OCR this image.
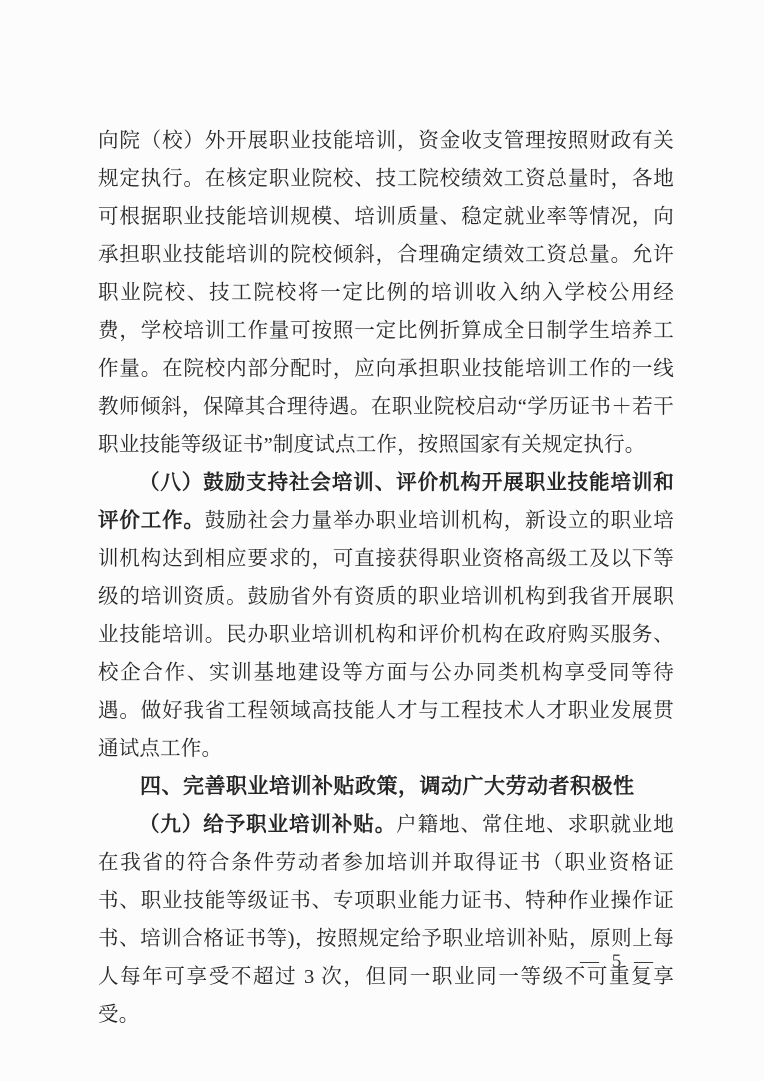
向院（校）外开展职业技能培训，资金收支管理按照财政有关规定执行。在核定职业院校、技工院校绩效工资总量时，各地可根据职业技能培训规模、培训质量、稳定就业率等情况，向承担职业技能培训的院校倾斜，合理确定绩效工资总量。允许职业院校、技工院校将一定比例的培训收入纳入学校公用经费，学校培训工作量可按照一定比例折算成全日制学生培养工作量。在院校内部分配时，应向承担职业技能培训工作的一线教师倾斜，保障其合理待遇。在职业院校启动“学历证书＋若干职业技能等级证书”制度试点工作，按照国家有关规定执行。

（八）鼓励支持社会培训、评价机构开展职业技能培训和评价工作。鼓励社会力量举办职业培训机构，新设立的职业培训机构达到相应要求的，可直接获得职业资格高级工及以下等级的培训资质。鼓励省外有资质的职业培训机构到我省开展职业技能培训。民办职业培训机构和评价机构在政府购买服务、校企合作、实训基地建设等方面与公办同类机构享受同等待遇。做好我省工程领域高技能人才与工程技术人才职业发展贯通试点工作。

四、完善职业培训补贴政策，调动广大劳动者积极性

（九）给予职业培训补贴。户籍地、常住地、求职就业地在我省的符合条件劳动者参加培训并取得证书（职业资格证书、职业技能等级证书、专项职业能力证书、特种作业操作证书、培训合格证书等)，按照规定给予职业培训补贴，原则上每人每年可享受不超过 3 次，但同一职业同一等级不可重复享受。

— 5 —
